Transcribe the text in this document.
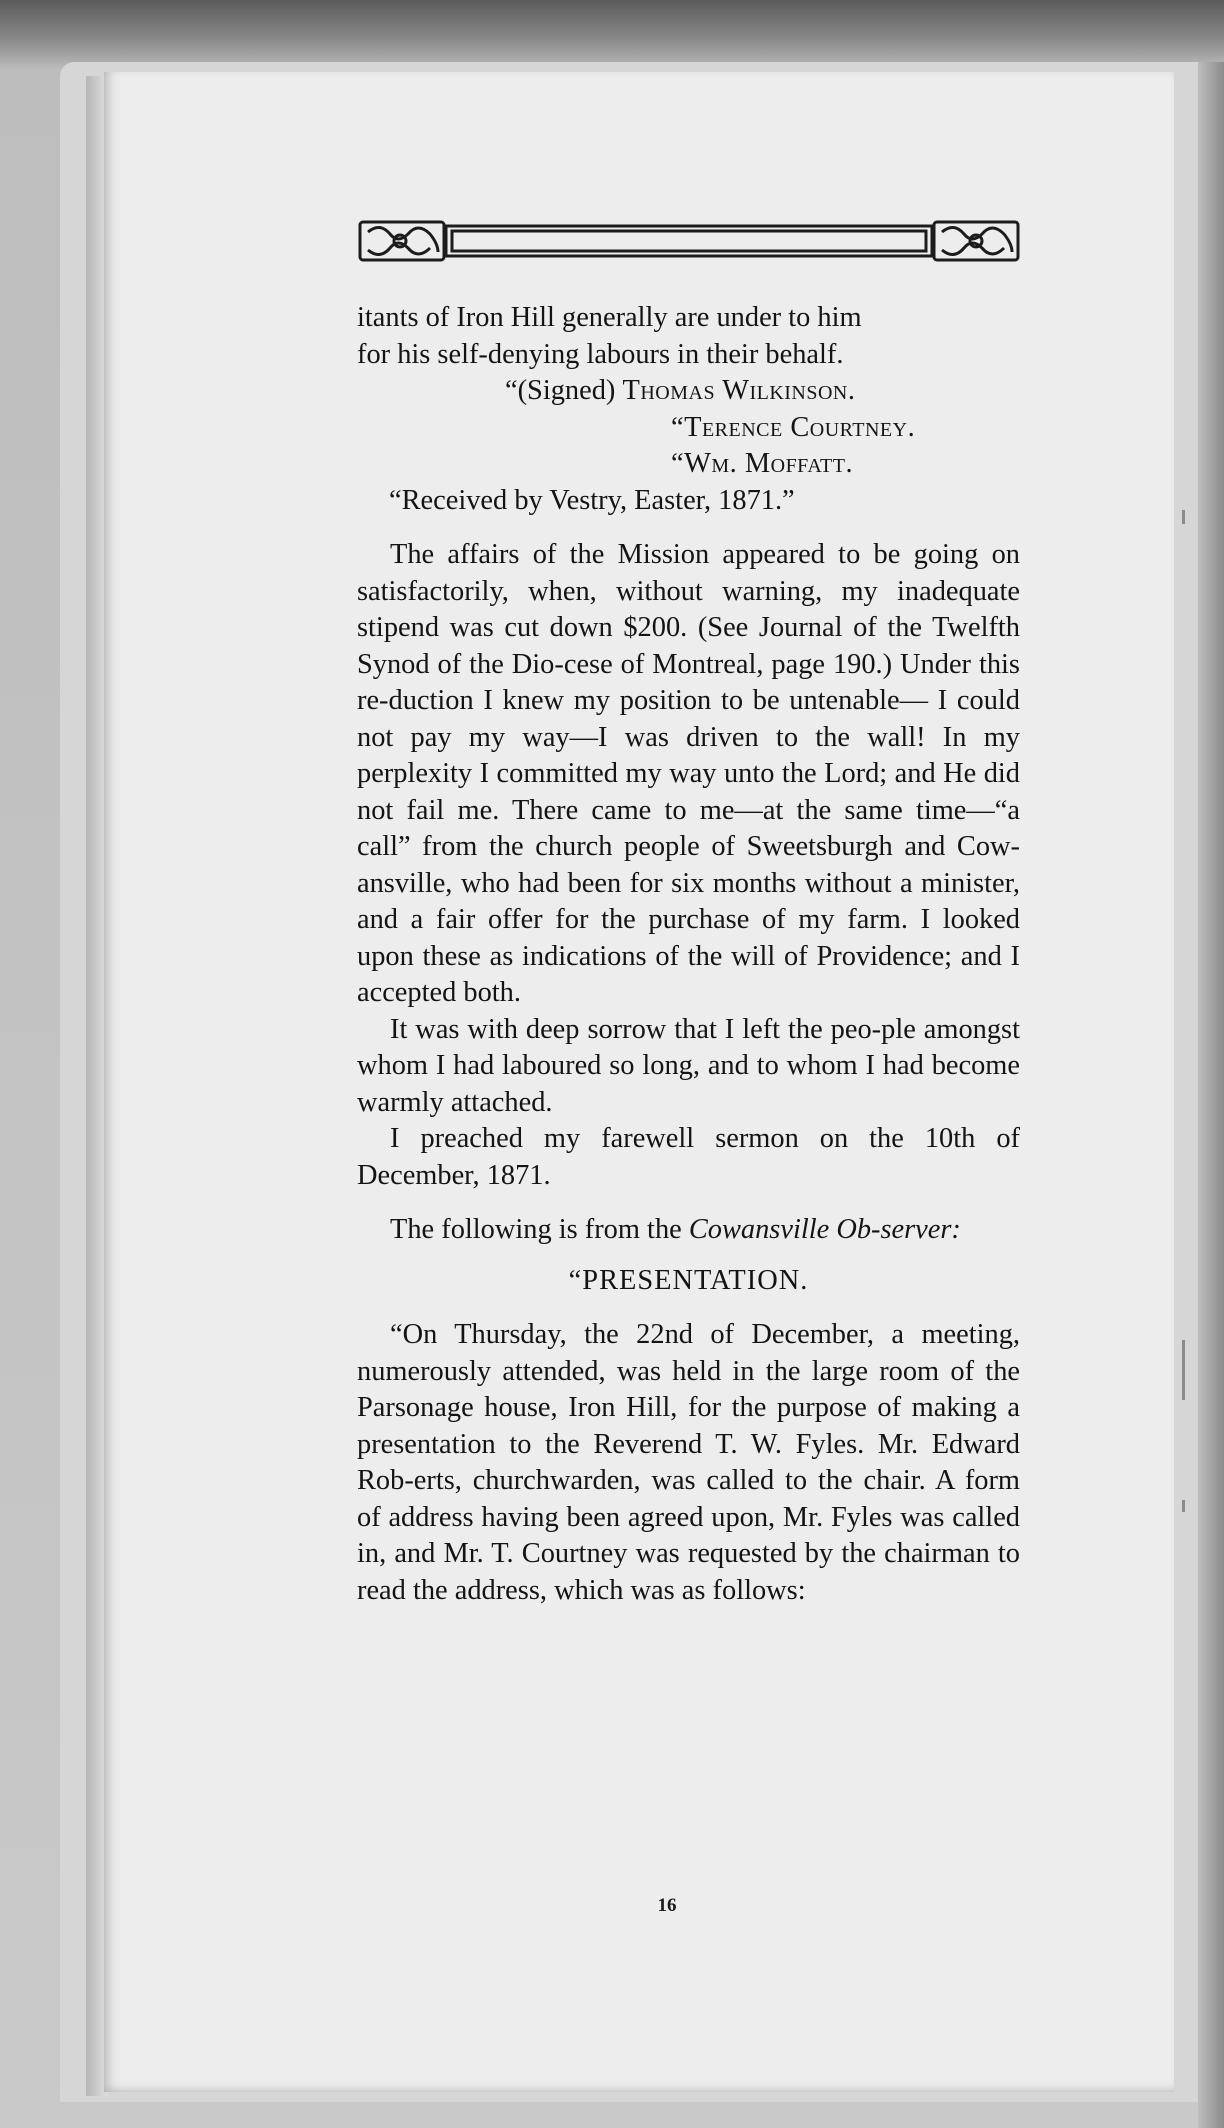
itants of Iron Hill generally are under to him

for his self-denying labours in their behalf.

“(Signed) Thomas Wilkinson.

“Terence Courtney.

“Wm. Moffatt.

“Received by Vestry, Easter, 1871.”

The affairs of the Mission appeared to be going on satisfactorily, when, without warning, my inadequate stipend was cut down $200. (See Journal of the Twelfth Synod of the Dio-cese of Montreal, page 190.) Under this re-duction I knew my position to be untenable— I could not pay my way—I was driven to the wall! In my perplexity I committed my way unto the Lord; and He did not fail me. There came to me—at the same time—“a call” from the church people of Sweetsburgh and Cow-ansville, who had been for six months without a minister, and a fair offer for the purchase of my farm. I looked upon these as indications of the will of Providence; and I accepted both.

It was with deep sorrow that I left the peo-ple amongst whom I had laboured so long, and to whom I had become warmly attached.

I preached my farewell sermon on the 10th of December, 1871.

The following is from the Cowansville Ob-server:

“PRESENTATION.

“On Thursday, the 22nd of December, a meeting, numerously attended, was held in the large room of the Parsonage house, Iron Hill, for the purpose of making a presentation to the Reverend T. W. Fyles. Mr. Edward Rob-erts, churchwarden, was called to the chair. A form of address having been agreed upon, Mr. Fyles was called in, and Mr. T. Courtney was requested by the chairman to read the address, which was as follows:

16
